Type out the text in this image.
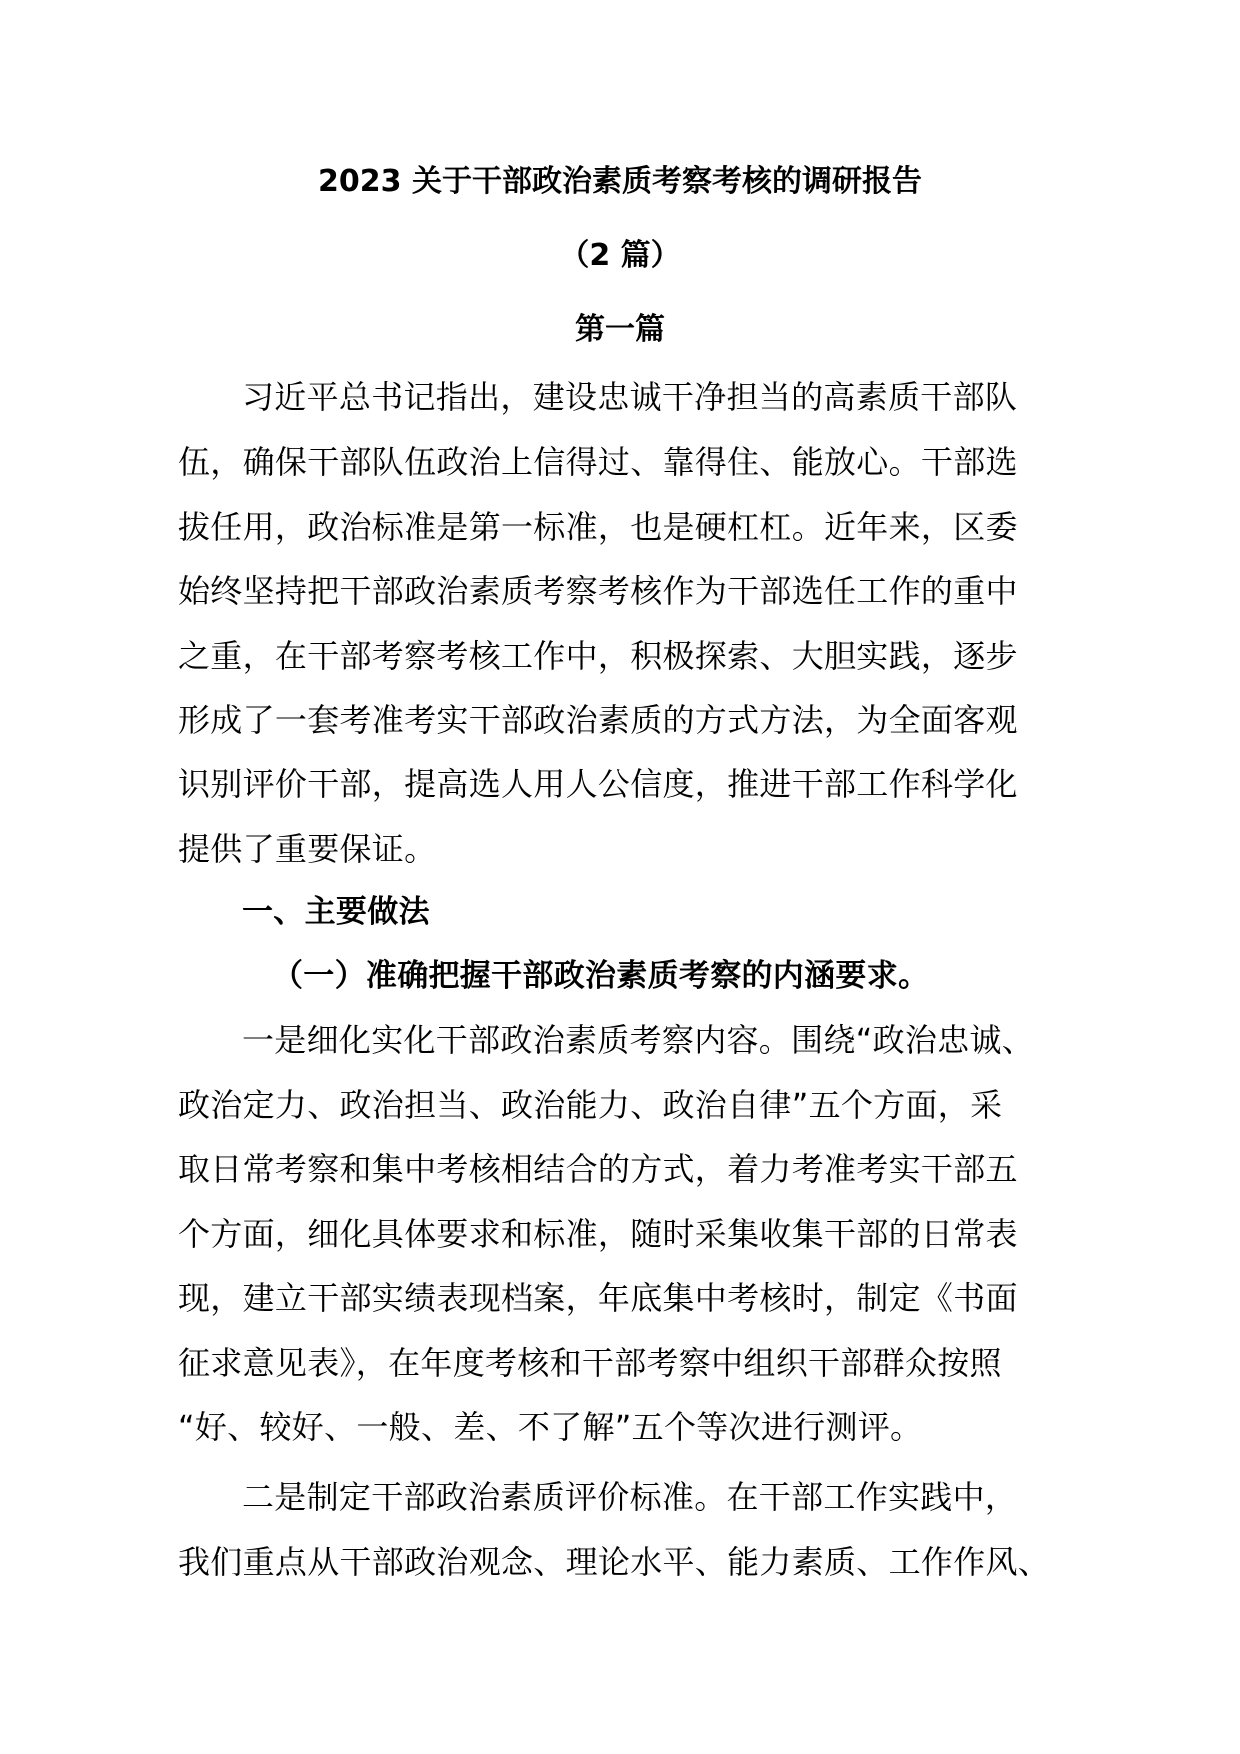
2023 关于干部政治素质考察考核的调研报告
（2 篇）
第一篇
习近平总书记指出，建设忠诚干净担当的高素质干部队
伍，确保干部队伍政治上信得过、靠得住、能放心。干部选
拔任用，政治标准是第一标准，也是硬杠杠。近年来，区委
始终坚持把干部政治素质考察考核作为干部选任工作的重中
之重，在干部考察考核工作中，积极探索、大胆实践，逐步
形成了一套考准考实干部政治素质的方式方法，为全面客观
识别评价干部，提高选人用人公信度，推进干部工作科学化
提供了重要保证。
一、主要做法
（一）准确把握干部政治素质考察的内涵要求。
一是细化实化干部政治素质考察内容。围绕“政治忠诚、
政治定力、政治担当、政治能力、政治自律”五个方面，采
取日常考察和集中考核相结合的方式，着力考准考实干部五
个方面，细化具体要求和标准，随时采集收集干部的日常表
现，建立干部实绩表现档案，年底集中考核时，制定《书面
征求意见表》，在年度考核和干部考察中组织干部群众按照
“好、较好、一般、差、不了解”五个等次进行测评。
二是制定干部政治素质评价标准。在干部工作实践中，
我们重点从干部政治观念、理论水平、能力素质、工作作风、
